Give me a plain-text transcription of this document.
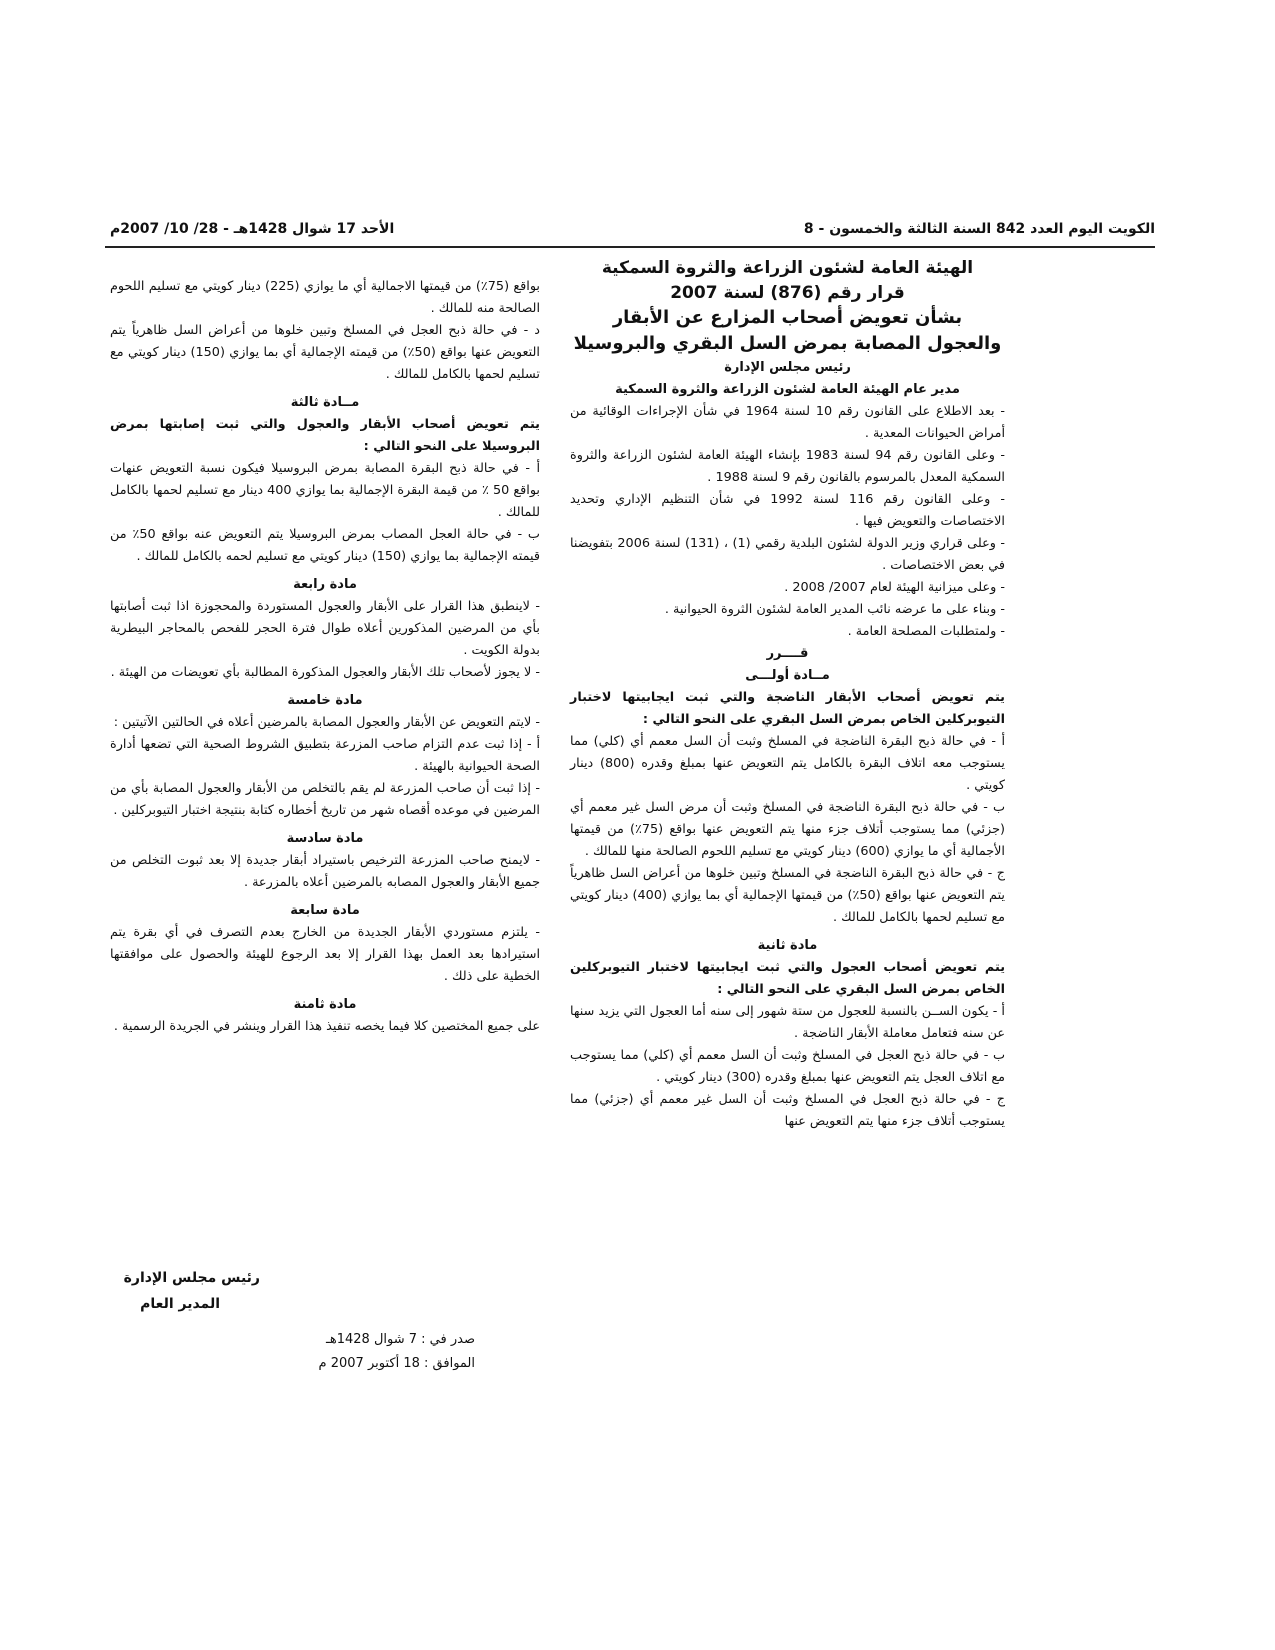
الكويت اليوم العدد 842 السنة الثالثة والخمسون - 8
الأحد 17 شوال 1428هـ - 28/ 10/ 2007م

الهيئة العامة لشئون الزراعة والثروة السمكية

قرار رقم (876) لسنة 2007

بشأن تعويض أصحاب المزارع عن الأبقار

والعجول المصابة بمرض السل البقري والبروسيلا

رئيس مجلس الإدارة

مدير عام الهيئة العامة لشئون الزراعة والثروة السمكية

- بعد الاطلاع على القانون رقم 10 لسنة 1964 في شأن الإجراءات الوقائية من أمراض الحيوانات المعدية .

- وعلى القانون رقم 94 لسنة 1983 بإنشاء الهيئة العامة لشئون الزراعة والثروة السمكية المعدل بالمرسوم بالقانون رقم 9 لسنة 1988 .

- وعلى القانون رقم 116 لسنة 1992 في شأن التنظيم الإداري وتحديد الاختصاصات والتعويض فيها .

- وعلى قراري وزير الدولة لشئون البلدية رقمي (1) ، (131) لسنة 2006 بتفويضنا في بعض الاختصاصات .

- وعلى ميزانية الهيئة لعام 2007/ 2008 .

- وبناء على ما عرضه نائب المدير العامة لشئون الثروة الحيوانية .

- ولمتطلبات المصلحة العامة .

قــــرر

مــادة أولـــى

يتم تعويض أصحاب الأبقار الناضجة والتي ثبت ايجابيتها لاختبار التيوبركلين الخاص بمرض السل البقري على النحو التالي :

أ - في حالة ذبح البقرة الناضجة في المسلخ وثبت أن السل معمم أي (كلي) مما يستوجب معه اتلاف البقرة بالكامل يتم التعويض عنها بمبلغ وقدره (800) دينار كويتي .

ب - في حالة ذبح البقرة الناضجة في المسلخ وثبت أن مرض السل غير معمم أي (جزئي) مما يستوجب أتلاف جزء منها يتم التعويض عنها بواقع (75٪) من قيمتها الأجمالية أي ما يوازي (600) دينار كويتي مع تسليم اللحوم الصالحة منها للمالك .

ج - في حالة ذبح البقرة الناضجة في المسلخ وتبين خلوها من أعراض السل ظاهرياً يتم التعويض عنها بواقع (50٪) من قيمتها الإجمالية أي بما يوازي (400) دينار كويتي مع تسليم لحمها بالكامل للمالك .

مادة ثانية

يتم تعويض أصحاب العجول والتي ثبت ايجابيتها لاختبار التيوبركلين الخاص بمرض السل البقري على النحو التالي :

أ - يكون الســن بالنسبة للعجول من ستة شهور إلى سنه أما العجول التي يزيد سنها عن سنه فتعامل معاملة الأبقار الناضجة .

ب - في حالة ذبح العجل في المسلخ وثبت أن السل معمم أي (كلي) مما يستوجب مع اتلاف العجل يتم التعويض عنها بمبلغ وقدره (300) دينار كويتي .

ج - في حالة ذبح العجل في المسلخ وثبت أن السل غير معمم أي (جزئي) مما يستوجب أتلاف جزء منها يتم التعويض عنها

بواقع (75٪) من قيمتها الاجمالية أي ما يوازي (225) دينار كويتي مع تسليم اللحوم الصالحة منه للمالك .

د - في حالة ذبح العجل في المسلخ وتبين خلوها من أعراض السل ظاهرياً يتم التعويض عنها بواقع (50٪) من قيمته الإجمالية أي بما يوازي (150) دينار كويتي مع تسليم لحمها بالكامل للمالك .

مــادة ثالثة

يتم تعويض أصحاب الأبقار والعجول والتي ثبت إصابتها بمرض البروسيلا على النحو التالي :

أ - في حالة ذبح البقرة المصابة بمرض البروسيلا فيكون نسبة التعويض عنهات بواقع 50 ٪ من قيمة البقرة الإجمالية بما يوازي 400 دينار مع تسليم لحمها بالكامل للمالك .

ب - في حالة العجل المصاب بمرض البروسيلا يتم التعويض عنه بواقع 50٪ من قيمته الإجمالية بما يوازي (150) دينار كويتي مع تسليم لحمه بالكامل للمالك .

مادة رابعة

- لاينطبق هذا القرار على الأبقار والعجول المستوردة والمحجوزة اذا ثبت أصابتها بأي من المرضين المذكورين أعلاه طوال فترة الحجر للفحص بالمحاجر البيطرية بدولة الكويت .

- لا يجوز لأصحاب تلك الأبقار والعجول المذكورة المطالبة بأي تعويضات من الهيئة .

مادة خامسة

- لايتم التعويض عن الأبقار والعجول المصابة بالمرضين أعلاه في الحالتين الآتيتين :

أ - إذا ثبت عدم التزام صاحب المزرعة بتطبيق الشروط الصحية التي تضعها أدارة الصحة الحيوانية بالهيئة .

- إذا ثبت أن صاحب المزرعة لم يقم بالتخلص من الأبقار والعجول المصابة بأي من المرضين في موعده أقصاه شهر من تاريخ أخطاره كتابة بنتيجة اختبار التيوبركلين .

مادة سادسة

- لايمنح صاحب المزرعة الترخيص باستيراد أبقار جديدة إلا بعد ثبوت التخلص من جميع الأبقار والعجول المصابه بالمرضين أعلاه بالمزرعة .

مادة سابعة

- يلتزم مستوردي الأبقار الجديدة من الخارج بعدم التصرف في أي بقرة يتم استيرادها بعد العمل بهذا القرار إلا بعد الرجوع للهيئة والحصول على موافقتها الخطية على ذلك .

مادة ثامنة

على جميع المختصين كلا فيما يخصه تنفيذ هذا القرار وينشر في الجريدة الرسمية .

رئيس مجلس الإدارة
المدير العام
صدر في : 7 شوال 1428هـ
الموافق : 18 أكتوبر 2007 م
